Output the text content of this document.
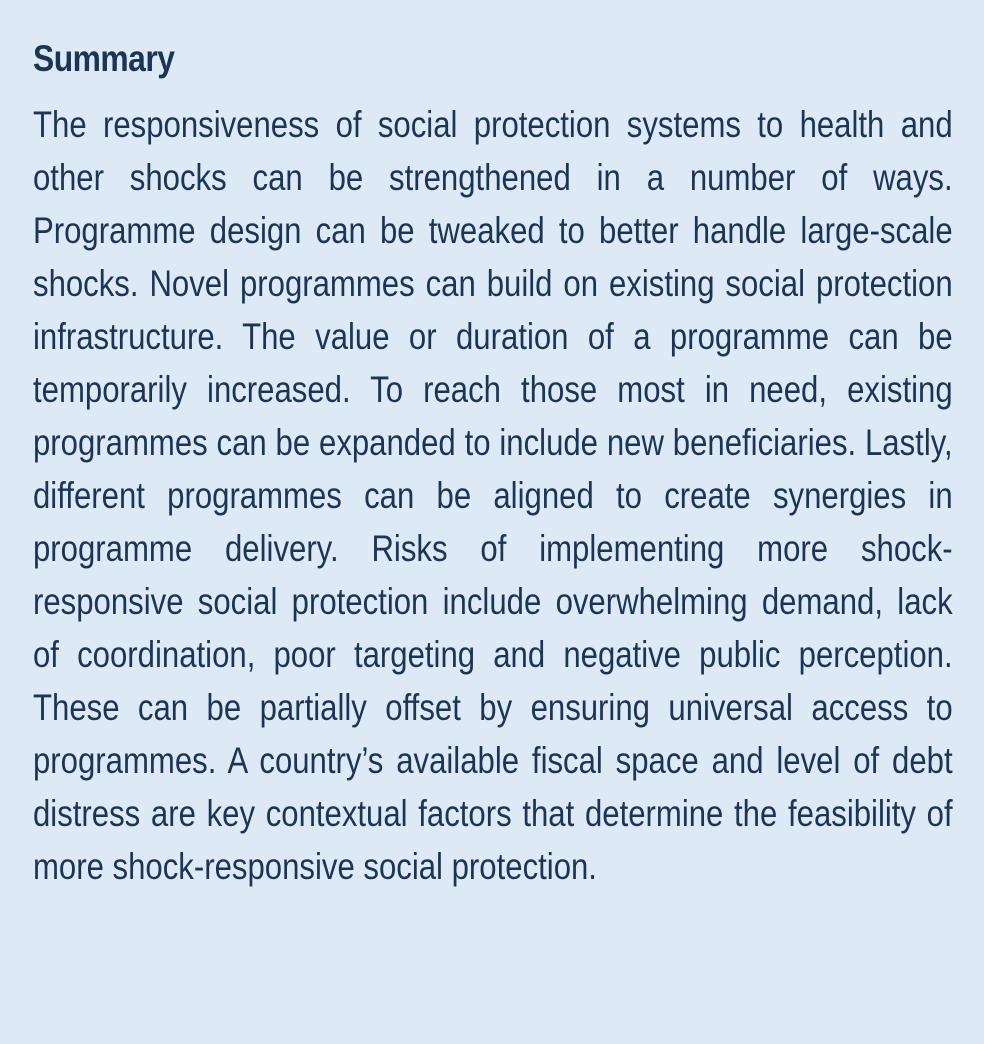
Summary

The responsiveness of social protection systems to health and other shocks can be strengthened in a number of ways. Programme design can be tweaked to better handle large-scale shocks. Novel programmes can build on existing social protection infrastructure. The value or duration of a programme can be temporarily increased. To reach those most in need, existing programmes can be expanded to include new beneficiaries. Lastly, different programmes can be aligned to create synergies in programme delivery. Risks of implementing more shock-responsive social protection include overwhelming demand, lack of coordination, poor targeting and negative public perception. These can be partially offset by ensuring universal access to programmes. A country’s available fiscal space and level of debt distress are key contextual factors that determine the feasibility of more shock-responsive social protection.
